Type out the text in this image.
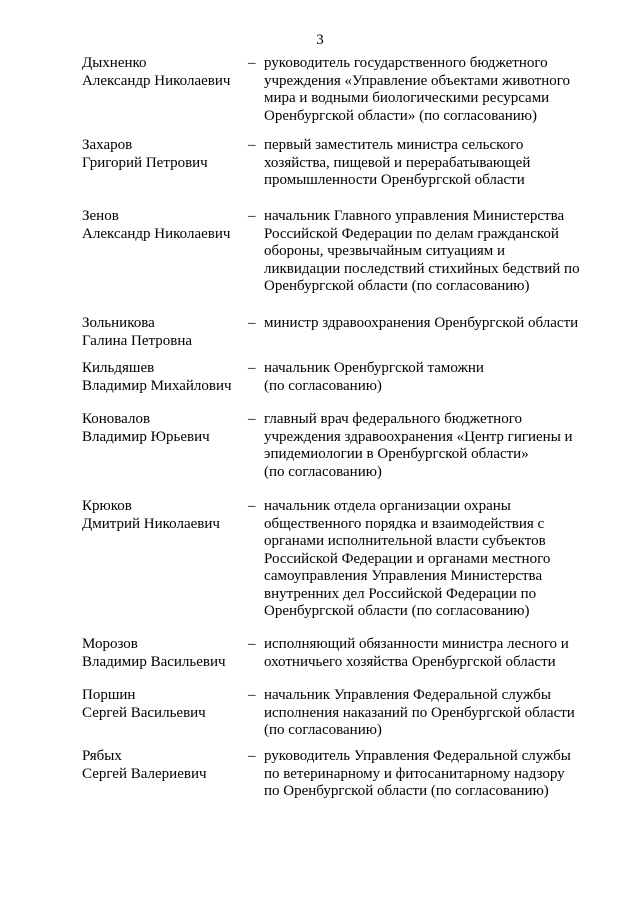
3
Дыхненко
Александр Николаевич
– руководитель государственного бюджетного
учреждения «Управление объектами животного
мира и водными биологическими ресурсами
Оренбургской области» (по согласованию)
Захаров
Григорий Петрович
– первый заместитель министра сельского
хозяйства, пищевой и перерабатывающей
промышленности Оренбургской области
Зенов
Александр Николаевич
– начальник Главного управления Министерства
Российской Федерации по делам гражданской
обороны, чрезвычайным ситуациям и
ликвидации последствий стихийных бедствий по
Оренбургской области (по согласованию)
Зольникова
Галина Петровна
– министр здравоохранения Оренбургской области
Кильдяшев
Владимир Михайлович
– начальник Оренбургской таможни
(по согласованию)
Коновалов
Владимир Юрьевич
– главный врач федерального бюджетного
учреждения здравоохранения «Центр гигиены и
эпидемиологии в Оренбургской области»
(по согласованию)
Крюков
Дмитрий Николаевич
– начальник отдела организации охраны
общественного порядка и взаимодействия с
органами исполнительной власти субъектов
Российской Федерации и органами местного
самоуправления Управления Министерства
внутренних дел Российской Федерации по
Оренбургской области (по согласованию)
Морозов
Владимир Васильевич
– исполняющий обязанности министра лесного и
охотничьего хозяйства Оренбургской области
Поршин
Сергей Васильевич
– начальник Управления Федеральной службы
исполнения наказаний по Оренбургской области
(по согласованию)
Рябых
Сергей Валериевич
– руководитель Управления Федеральной службы
по ветеринарному и фитосанитарному надзору
по Оренбургской области (по согласованию)
